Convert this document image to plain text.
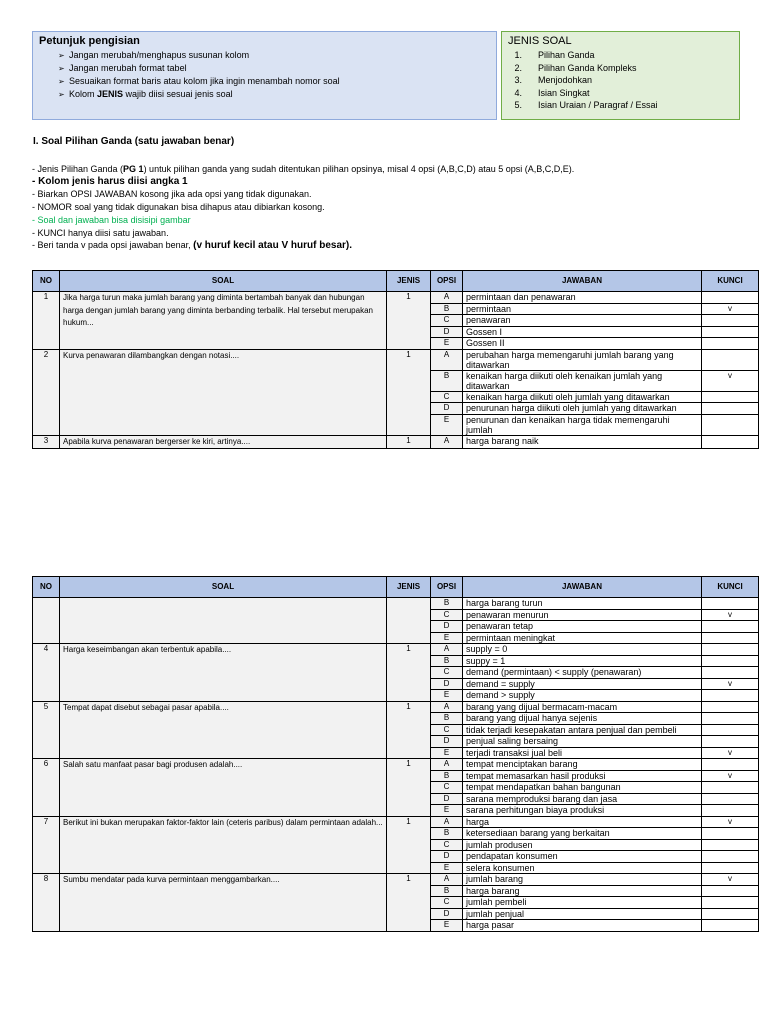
Petunjuk pengisian
➢ Jangan merubah/menghapus susunan kolom
➢ Jangan merubah format tabel
➢ Sesuaikan format baris atau kolom jika ingin menambah nomor soal
➢ Kolom JENIS wajib diisi sesuai jenis soal
JENIS SOAL
1. Pilihan Ganda
2. Pilihan Ganda Kompleks
3. Menjodohkan
4. Isian Singkat
5. Isian Uraian / Paragraf / Essai
I. Soal Pilihan Ganda (satu jawaban benar)
- Jenis Pilihan Ganda (PG 1) untuk pilihan ganda yang sudah ditentukan pilihan opsinya, misal 4 opsi (A,B,C,D) atau 5 opsi (A,B,C,D,E).
- Kolom jenis harus diisi angka 1
- Biarkan OPSI JAWABAN kosong jika ada opsi yang tidak digunakan.
- NOMOR soal yang tidak digunakan bisa dihapus atau dibiarkan kosong.
- Soal dan jawaban bisa disisipi gambar
- KUNCI hanya diisi satu jawaban.
- Beri tanda v pada opsi jawaban benar, (v huruf kecil atau V huruf besar).
NO	SOAL	JENIS	OPSI	JAWABAN	KUNCI
1	Jika harga turun maka jumlah barang yang diminta bertambah banyak dan hubungan harga dengan jumlah barang yang diminta berbanding terbalik. Hal tersebut merupakan hukum...	1	A	permintaan dan penawaran	
			B	permintaan	v
			C	penawaran	
			D	Gossen I	
			E	Gossen II	
2	Kurva penawaran dilambangkan dengan notasi....	1	A	perubahan harga memengaruhi jumlah barang yang ditawarkan	
			B	kenaikan harga diikuti oleh kenaikan jumlah yang ditawarkan	v
			C	kenaikan harga diikuti oleh jumlah yang ditawarkan	
			D	penurunan harga diikuti oleh jumlah yang ditawarkan	
			E	penurunan dan kenaikan harga tidak memengaruhi jumlah	
3	Apabila kurva penawaran bergerser ke kiri, artinya....	1	A	harga barang naik	
NO	SOAL	JENIS	OPSI	JAWABAN	KUNCI
			B	harga barang turun	
			C	penawaran menurun	v
			D	penawaran tetap	
			E	permintaan meningkat	
4	Harga keseimbangan akan terbentuk apabila....	1	A	supply = 0	
			B	suppy = 1	
			C	demand (permintaan) < supply (penawaran)	
			D	demand = supply	v
			E	demand > supply	
5	Tempat dapat disebut sebagai pasar apabila....	1	A	barang yang dijual bermacam-macam	
			B	barang yang dijual hanya sejenis	
			C	tidak terjadi kesepakatan antara penjual dan pembeli	
			D	penjual saling bersaing	
			E	terjadi transaksi jual beli	v
6	Salah satu manfaat pasar bagi produsen adalah....	1	A	tempat menciptakan barang	
			B	tempat memasarkan hasil produksi	v
			C	tempat mendapatkan bahan bangunan	
			D	sarana memproduksi barang dan jasa	
			E	sarana perhitungan biaya produksi	
7	Berikut ini bukan merupakan faktor-faktor lain (ceteris paribus) dalam permintaan adalah...	1	A	harga	v
			B	ketersediaan barang yang berkaitan	
			C	jumlah produsen	
			D	pendapatan konsumen	
			E	selera konsumen	
8	Sumbu mendatar pada kurva permintaan menggambarkan....	1	A	jumlah barang	v
			B	harga barang	
			C	jumlah pembeli	
			D	jumlah penjual	
			E	harga pasar	
